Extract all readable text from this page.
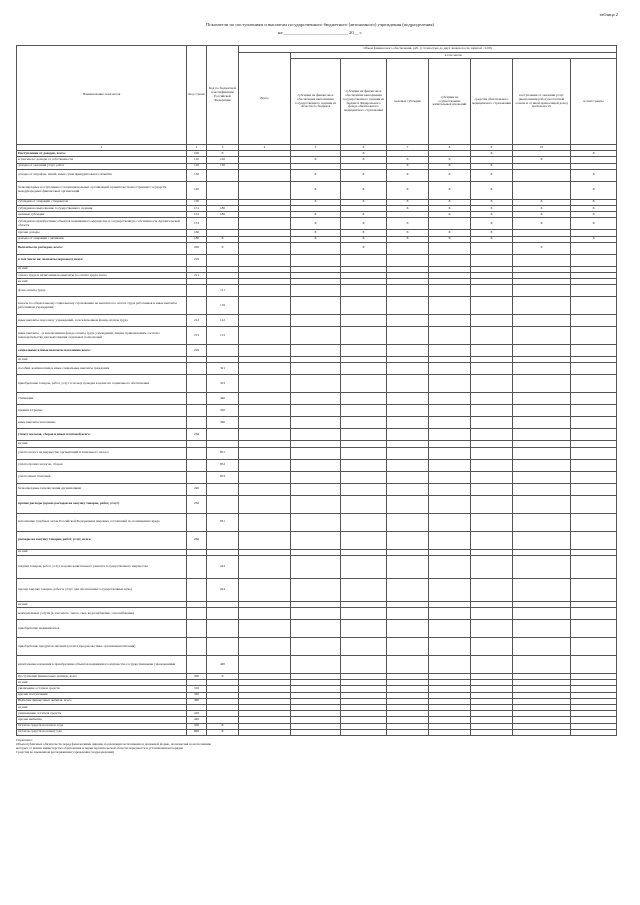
таблица 2
Показатели по поступлениям и выплатам государственного бюджетного (автономного) учреждения (подразделения)
на ____________________________ 20__ г.
Наименование показателя	Код строки	Код по бюджетной классификации Российской Федерации	Объем финансового обеспечения, руб. (с точностью до двух знаков после запятой - 0,00)								
			Всего	в том числе:							
				субсидии на финансовое обеспечение выполнения государственного задания из областного бюджета	субсидии на финансовое обеспечение выполнения государственного задания из бюджета Федерального фонда обязательного медицинского страхования	целевые субсидии	субсидии на осуществление капитальных вложений	средства обязательного медицинского страхования	поступления от оказания услуг (выполнения работ) на платной основе и от иной приносящей доход деятельности	из них гранты	
1	2	3	4	5	6	7	8	9	10		
Поступления от доходов, всего:	100	X			X			X		X		
в том числе: доходы от собственности	110	120		X	X	X	X		X		
доходы от оказания услуг, работ	120	130				X	X	X			
доходы от штрафов, пеней, иных сумм принудительного изъятия	130			X	X	X	X	X		X	
безвозмездные поступления от наднациональных организаций, правительств иностранных государств, международных финансовых организаций	140			X	X	X	X	X		X	
субсидии от операций с бюджетом	150			X	X	X	X	X	X	X	
субсидии на выполнение государственного задания	151	180				X	X	X	X	X	
целевые субсидии	152	180		X	X		X	X	X	X	
субсидии на приобретение объектов недвижимого имущества в государственную собственность Архангельской области	153			X	X	X		X	X	X	
прочие доходы	160			X	X	X	X	X			
доходы от операций с активами	180	X		X	X	X	X	X		X	
Выплаты по расходам, всего:	200	X			X				X		
в том числе на: выплаты персоналу всего:	210										
из них:											
оплата труда и начисления на выплаты по оплате труда, всего	211										
из них:											
фонд оплаты труда		111									
взносы по обязательному социальному страхованию на выплаты по оплате труда работников и иные выплаты работникам учреждений		119									
иные выплаты персоналу учреждений, за исключением фонда оплаты труда	212	112									
иные выплаты , за исключением фонда оплаты труда учреждений, лицам, привлекаемым согласно законодательству для выполнения отдельных полномочий	213	113									
социальные и иные выплаты населению всего:	220										
из них:											
пособия, компенсации и иные социальные выплаты гражданам		321									
приобретение товаров, работ, услуг в пользу граждан в целях их социального обеспечения		323									
стипендии		340									
премии и гранты		350									
иные выплаты населению		360									
уплату налогов, сборов и иных платежей всего:	230										
из них:											
уплата налога на имущество организаций и земельного налога		851									
уплата прочих налогов, сборов		852									
уплата иных платежей		853									
безвозмездные перечисления организациям	240										
прочие расходы (кроме расходов на закупку товаров, работ, услуг)	250										
исполнение судебных актов Российской Федерации и мировых соглашений по возмещению вреда		831									
расходы на закупку товаров, работ, услуг, всего:	260										
из них:											
закупка товаров, работ, услуг в целях капитального ремонта государственного имущества		243									
прочая закупка товаров, работ и услуг для обеспечения государственных нужд		244									
из них:											
коммунальные услуги (в том числе: тепло, свет, водоснабжение, газоснабжение)											
приобретение медикаментов											
приобретение продуктов питания (оплата продовольствия, организация питания)											
капитальные вложения в приобретение объектов недвижимого имущества государственными учреждениями		400									
Поступление финансовых активов, всего	300	X									
из них:											
увеличение остатков средств	310										
прочие поступления	320										
Выбытие финансовых активов, всего	400										
из них:											
уменьшение остатков средств	410										
прочие выбытия	420										
Остаток средств на начало года	500	X									
Остаток средств на конец года	600	X									
Справочно:
Объем публичных обязательств перед физическими лицами, подлежащих исполнению в денежной форме, полномочия по исполнению которых от имени министерства образования и науки Архангельской области передаются в установленном порядке
Средства во временном распоряжении учреждения (подразделения)
